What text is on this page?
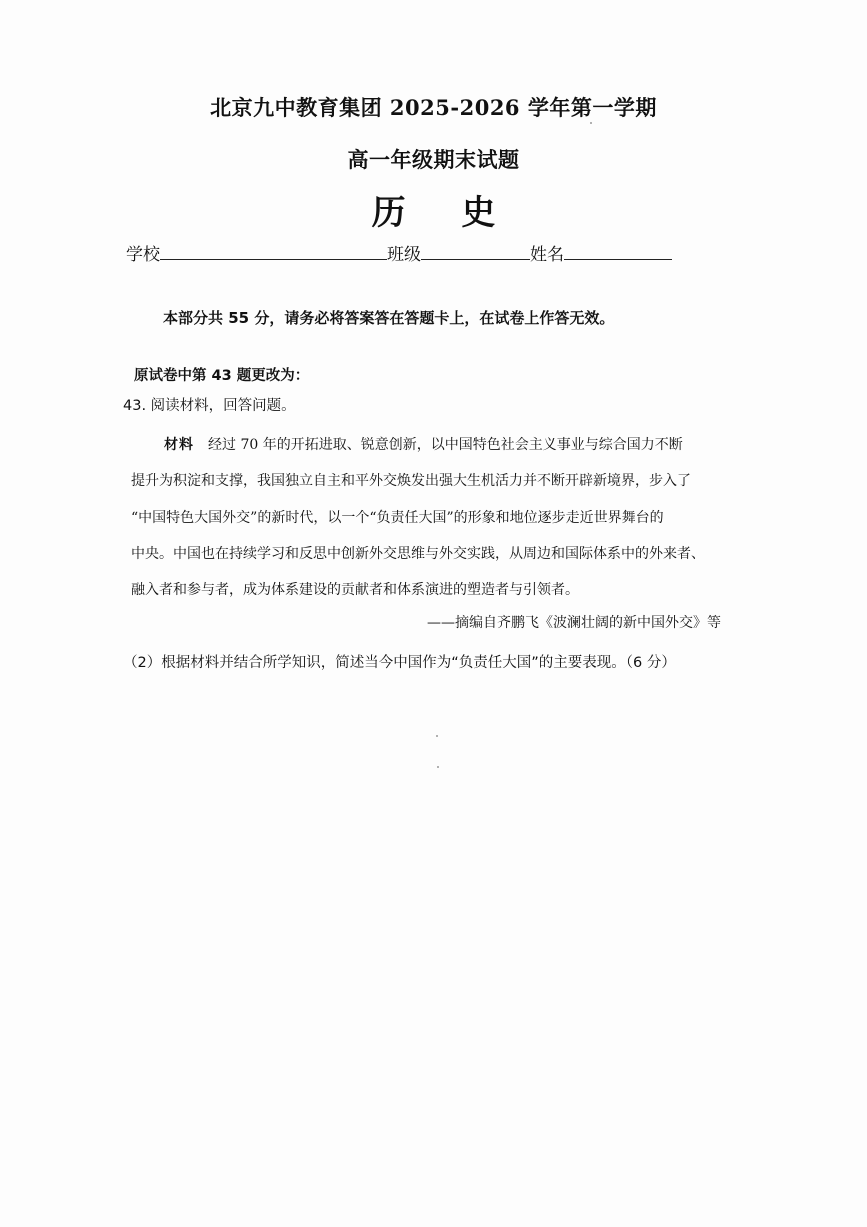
北京九中教育集团 2025-2026 学年第一学期
高一年级期末试题
历 史
学校	班级	姓名
本部分共 55 分，请务必将答案答在答题卡上，在试卷上作答无效。
原试卷中第 43 题更改为：
43. 阅读材料，回答问题。
材料 经过 70 年的开拓进取、锐意创新，以中国特色社会主义事业与综合国力不断
提升为积淀和支撑，我国独立自主和平外交焕发出强大生机活力并不断开辟新境界，步入了
“中国特色大国外交”的新时代，以一个“负责任大国”的形象和地位逐步走近世界舞台的
中央。中国也在持续学习和反思中创新外交思维与外交实践，从周边和国际体系中的外来者、
融入者和参与者，成为体系建设的贡献者和体系演进的塑造者与引领者。
——摘编自齐鹏飞《波澜壮阔的新中国外交》等
（2）根据材料并结合所学知识，简述当今中国作为“负责任大国”的主要表现。（6 分）
